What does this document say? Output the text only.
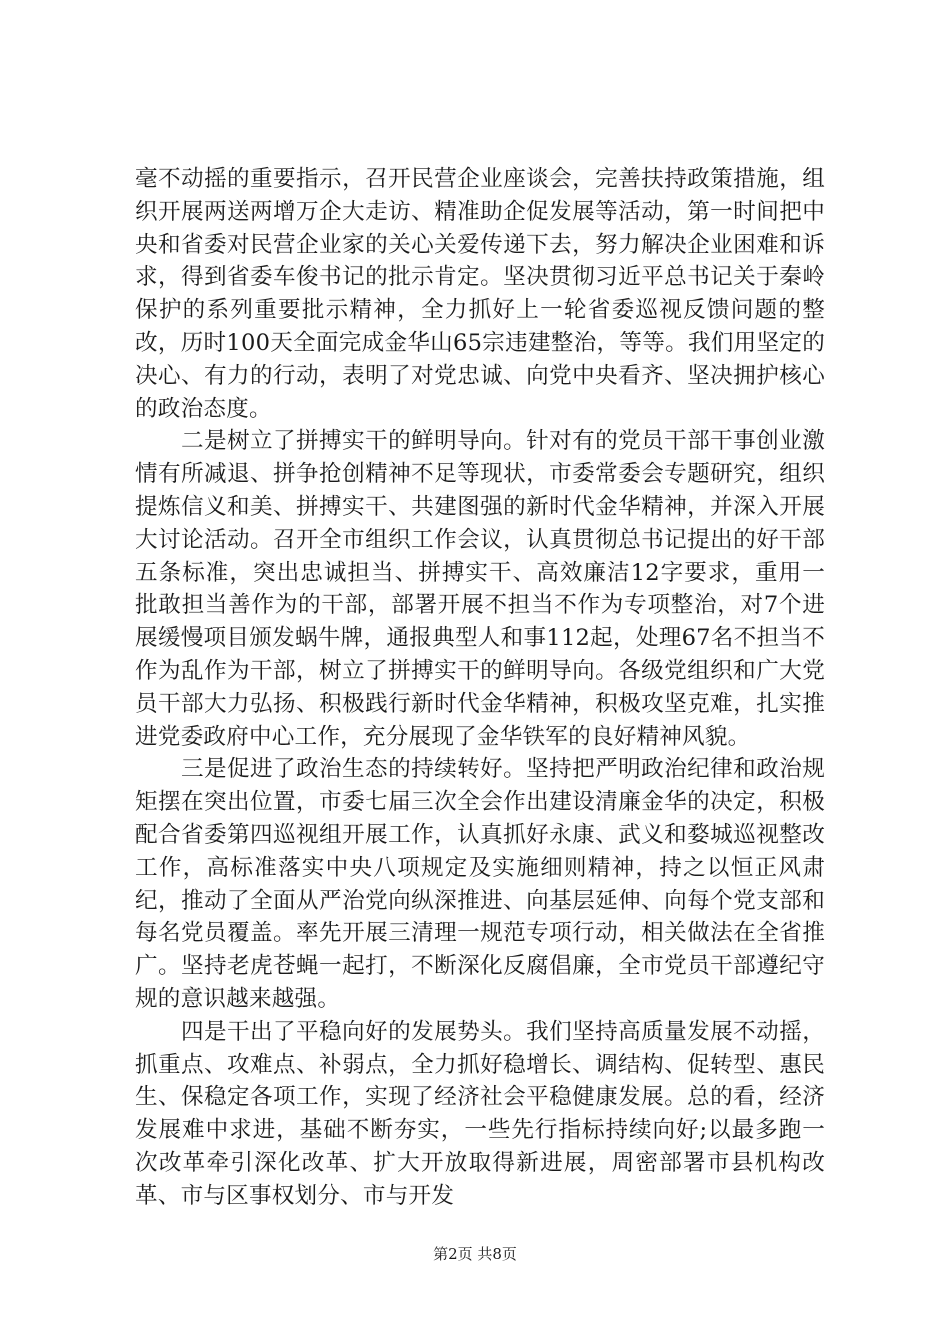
毫不动摇的重要指示，召开民营企业座谈会，完善扶持政策措施，组织开展两送两增万企大走访、精准助企促发展等活动，第一时间把中央和省委对民营企业家的关心关爱传递下去，努力解决企业困难和诉求，得到省委车俊书记的批示肯定。坚决贯彻习近平总书记关于秦岭保护的系列重要批示精神，全力抓好上一轮省委巡视反馈问题的整改，历时100天全面完成金华山65宗违建整治，等等。我们用坚定的决心、有力的行动，表明了对党忠诚、向党中央看齐、坚决拥护核心的政治态度。

二是树立了拼搏实干的鲜明导向。针对有的党员干部干事创业激情有所减退、拼争抢创精神不足等现状，市委常委会专题研究，组织提炼信义和美、拼搏实干、共建图强的新时代金华精神，并深入开展大讨论活动。召开全市组织工作会议，认真贯彻总书记提出的好干部五条标准，突出忠诚担当、拼搏实干、高效廉洁12字要求，重用一批敢担当善作为的干部，部署开展不担当不作为专项整治，对7个进展缓慢项目颁发蜗牛牌，通报典型人和事112起，处理67名不担当不作为乱作为干部，树立了拼搏实干的鲜明导向。各级党组织和广大党员干部大力弘扬、积极践行新时代金华精神，积极攻坚克难，扎实推进党委政府中心工作，充分展现了金华铁军的良好精神风貌。

三是促进了政治生态的持续转好。坚持把严明政治纪律和政治规矩摆在突出位置，市委七届三次全会作出建设清廉金华的决定，积极配合省委第四巡视组开展工作，认真抓好永康、武义和婺城巡视整改工作，高标准落实中央八项规定及实施细则精神，持之以恒正风肃纪，推动了全面从严治党向纵深推进、向基层延伸、向每个党支部和每名党员覆盖。率先开展三清理一规范专项行动，相关做法在全省推广。坚持老虎苍蝇一起打，不断深化反腐倡廉，全市党员干部遵纪守规的意识越来越强。

四是干出了平稳向好的发展势头。我们坚持高质量发展不动摇，抓重点、攻难点、补弱点，全力抓好稳增长、调结构、促转型、惠民生、保稳定各项工作，实现了经济社会平稳健康发展。总的看，经济发展难中求进，基础不断夯实，一些先行指标持续向好;以最多跑一次改革牵引深化改革、扩大开放取得新进展，周密部署市县机构改革、市与区事权划分、市与开发

第2页 共8页
